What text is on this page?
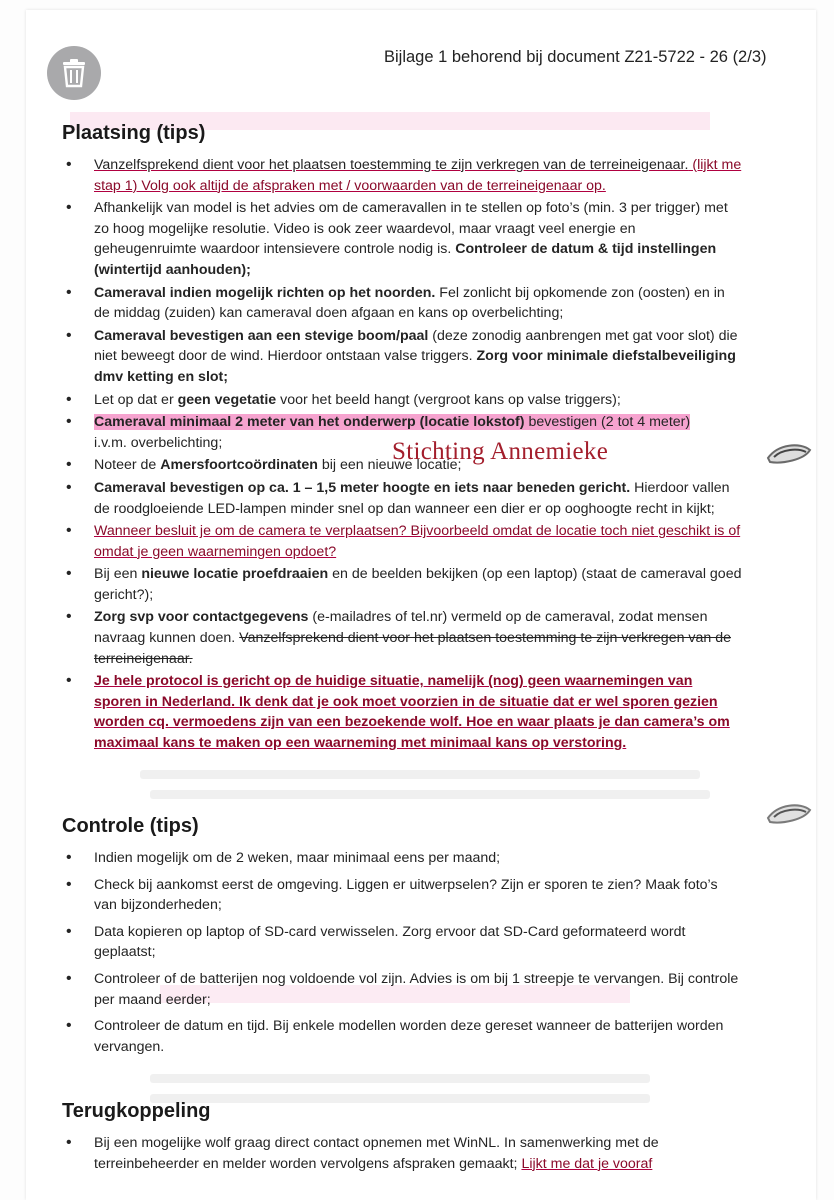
Bijlage 1 behorend bij document Z21-5722 - 26 (2/3)
Plaatsing (tips)
• Vanzelfsprekend dient voor het plaatsen toestemming te zijn verkregen van de terreineigenaar. (lijkt me stap 1) Volg ook altijd de afspraken met / voorwaarden van de terreineigenaar op.
• Afhankelijk van model is het advies om de cameravallen in te stellen op foto’s (min. 3 per trigger) met zo hoog mogelijke resolutie. Video is ook zeer waardevol, maar vraagt veel energie en geheugenruimte waardoor intensievere controle nodig is. Controleer de datum & tijd instellingen (wintertijd aanhouden);
• Cameraval indien mogelijk richten op het noorden. Fel zonlicht bij opkomende zon (oosten) en in de middag (zuiden) kan cameraval doen afgaan en kans op overbelichting;
• Cameraval bevestigen aan een stevige boom/paal (deze zonodig aanbrengen met gat voor slot) die niet beweegt door de wind. Hierdoor ontstaan valse triggers. Zorg voor minimale diefstalbeveiliging dmv ketting en slot;
• Let op dat er geen vegetatie voor het beeld hangt (vergroot kans op valse triggers);
• Cameraval minimaal 2 meter van het onderwerp (locatie lokstof) bevestigen (2 tot 4 meter)
i.v.m. overbelichting;
• Noteer de Amersfoortcoördinaten bij een nieuwe locatie;
• Cameraval bevestigen op ca. 1 – 1,5 meter hoogte en iets naar beneden gericht. Hierdoor vallen de roodgloeiende LED-lampen minder snel op dan wanneer een dier er op ooghoogte recht in kijkt;
• Wanneer besluit je om de camera te verplaatsen? Bijvoorbeeld omdat de locatie toch niet geschikt is of omdat je geen waarnemingen opdoet?
• Bij een nieuwe locatie proefdraaien en de beelden bekijken (op een laptop) (staat de cameraval goed gericht?);
• Zorg svp voor contactgegevens (e-mailadres of tel.nr) vermeld op de cameraval, zodat mensen navraag kunnen doen. Vanzelfsprekend dient voor het plaatsen toestemming te zijn verkregen van de terreineigenaar.
• Je hele protocol is gericht op de huidige situatie, namelijk (nog) geen waarnemingen van sporen in Nederland. Ik denk dat je ook moet voorzien in de situatie dat er wel sporen gezien worden cq. vermoedens zijn van een bezoekende wolf. Hoe en waar plaats je dan camera’s om maximaal kans te maken op een waarneming met minimaal kans op verstoring.
Stichting Annemieke
Controle (tips)
• Indien mogelijk om de 2 weken, maar minimaal eens per maand;
• Check bij aankomst eerst de omgeving. Liggen er uitwerpselen? Zijn er sporen te zien? Maak foto’s van bijzonderheden;
• Data kopieren op laptop of SD-card verwisselen. Zorg ervoor dat SD-Card geformateerd wordt geplaatst;
• Controleer of de batterijen nog voldoende vol zijn. Advies is om bij 1 streepje te vervangen. Bij controle per maand eerder;
• Controleer de datum en tijd. Bij enkele modellen worden deze gereset wanneer de batterijen worden vervangen.
Terugkoppeling
• Bij een mogelijke wolf graag direct contact opnemen met WinNL. In samenwerking met de terreinbeheerder en melder worden vervolgens afspraken gemaakt; Lijkt me dat je vooraf
